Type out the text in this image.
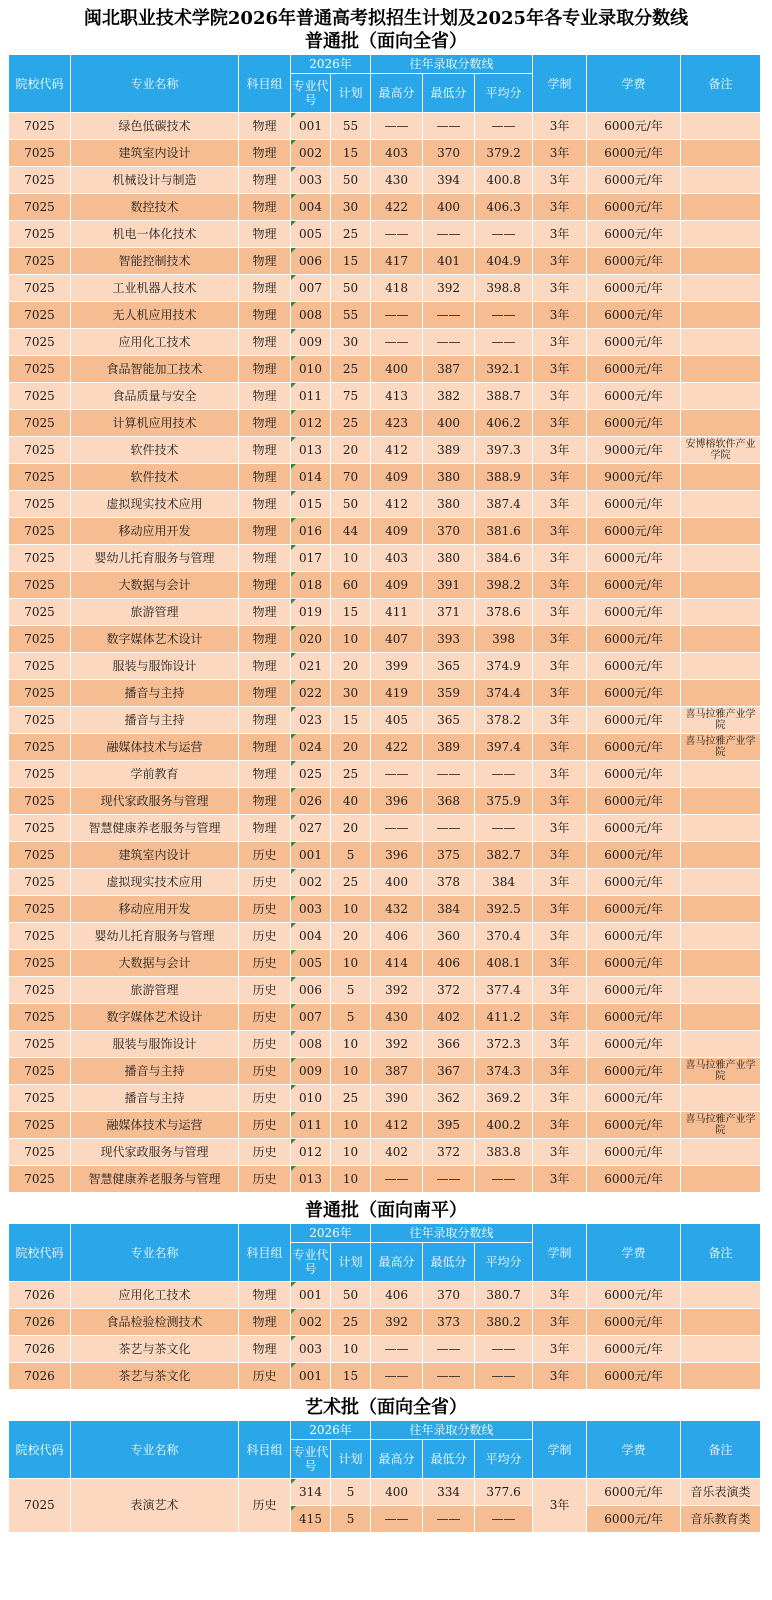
闽北职业技术学院2026年普通高考拟招生计划及2025年各专业录取分数线
普通批（面向全省）
院校代码	专业名称	科目组	2026年		往年录取分数线			学制	学费	备注
			专业代号	计划	最高分	最低分	平均分			
7025	绿色低碳技术	物理	001	55	——	——	——	3年	6000元/年	
7025	建筑室内设计	物理	002	15	403	370	379.2	3年	6000元/年	
7025	机械设计与制造	物理	003	50	430	394	400.8	3年	6000元/年	
7025	数控技术	物理	004	30	422	400	406.3	3年	6000元/年	
7025	机电一体化技术	物理	005	25	——	——	——	3年	6000元/年	
7025	智能控制技术	物理	006	15	417	401	404.9	3年	6000元/年	
7025	工业机器人技术	物理	007	50	418	392	398.8	3年	6000元/年	
7025	无人机应用技术	物理	008	55	——	——	——	3年	6000元/年	
7025	应用化工技术	物理	009	30	——	——	——	3年	6000元/年	
7025	食品智能加工技术	物理	010	25	400	387	392.1	3年	6000元/年	
7025	食品质量与安全	物理	011	75	413	382	388.7	3年	6000元/年	
7025	计算机应用技术	物理	012	25	423	400	406.2	3年	6000元/年	
7025	软件技术	物理	013	20	412	389	397.3	3年	9000元/年	安博榕软件产业学院
7025	软件技术	物理	014	70	409	380	388.9	3年	9000元/年	
7025	虚拟现实技术应用	物理	015	50	412	380	387.4	3年	6000元/年	
7025	移动应用开发	物理	016	44	409	370	381.6	3年	6000元/年	
7025	婴幼儿托育服务与管理	物理	017	10	403	380	384.6	3年	6000元/年	
7025	大数据与会计	物理	018	60	409	391	398.2	3年	6000元/年	
7025	旅游管理	物理	019	15	411	371	378.6	3年	6000元/年	
7025	数字媒体艺术设计	物理	020	10	407	393	398	3年	6000元/年	
7025	服装与服饰设计	物理	021	20	399	365	374.9	3年	6000元/年	
7025	播音与主持	物理	022	30	419	359	374.4	3年	6000元/年	
7025	播音与主持	物理	023	15	405	365	378.2	3年	6000元/年	喜马拉雅产业学院
7025	融媒体技术与运营	物理	024	20	422	389	397.4	3年	6000元/年	喜马拉雅产业学院
7025	学前教育	物理	025	25	——	——	——	3年	6000元/年	
7025	现代家政服务与管理	物理	026	40	396	368	375.9	3年	6000元/年	
7025	智慧健康养老服务与管理	物理	027	20	——	——	——	3年	6000元/年	
7025	建筑室内设计	历史	001	5	396	375	382.7	3年	6000元/年	
7025	虚拟现实技术应用	历史	002	25	400	378	384	3年	6000元/年	
7025	移动应用开发	历史	003	10	432	384	392.5	3年	6000元/年	
7025	婴幼儿托育服务与管理	历史	004	20	406	360	370.4	3年	6000元/年	
7025	大数据与会计	历史	005	10	414	406	408.1	3年	6000元/年	
7025	旅游管理	历史	006	5	392	372	377.4	3年	6000元/年	
7025	数字媒体艺术设计	历史	007	5	430	402	411.2	3年	6000元/年	
7025	服装与服饰设计	历史	008	10	392	366	372.3	3年	6000元/年	
7025	播音与主持	历史	009	10	387	367	374.3	3年	6000元/年	喜马拉雅产业学院
7025	播音与主持	历史	010	25	390	362	369.2	3年	6000元/年	
7025	融媒体技术与运营	历史	011	10	412	395	400.2	3年	6000元/年	喜马拉雅产业学院
7025	现代家政服务与管理	历史	012	10	402	372	383.8	3年	6000元/年	
7025	智慧健康养老服务与管理	历史	013	10	——	——	——	3年	6000元/年	
普通批（面向南平）
院校代码	专业名称	科目组	2026年		往年录取分数线			学制	学费	备注
			专业代号	计划	最高分	最低分	平均分			
7026	应用化工技术	物理	001	50	406	370	380.7	3年	6000元/年	
7026	食品检验检测技术	物理	002	25	392	373	380.2	3年	6000元/年	
7026	茶艺与茶文化	物理	003	10	——	——	——	3年	6000元/年	
7026	茶艺与茶文化	历史	001	15	——	——	——	3年	6000元/年	
艺术批（面向全省）
院校代码	专业名称	科目组	2026年		往年录取分数线			学制	学费	备注
			专业代号	计划	最高分	最低分	平均分			
7025	表演艺术	历史	314	5	400	334	377.6	3年	6000元/年	音乐表演类
			415	5	——	——	——		6000元/年	音乐教育类
